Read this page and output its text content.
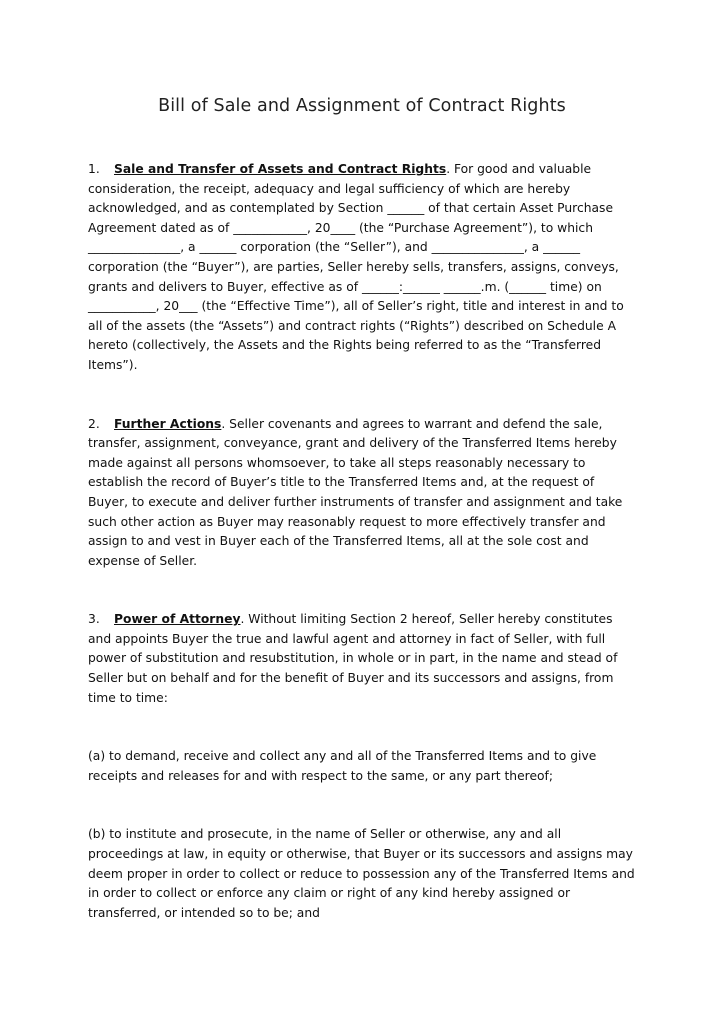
Bill of Sale and Assignment of Contract Rights

1. Sale and Transfer of Assets and Contract Rights. For good and valuable consideration, the receipt, adequacy and legal sufficiency of which are hereby acknowledged, and as contemplated by Section ______ of that certain Asset Purchase Agreement dated as of ____________, 20____ (the “Purchase Agreement”), to which _______________, a ______ corporation (the “Seller”), and _______________, a ______ corporation (the “Buyer”), are parties, Seller hereby sells, transfers, assigns, conveys, grants and delivers to Buyer, effective as of ______:______ ______.m. (______ time) on ___________, 20___ (the “Effective Time”), all of Seller’s right, title and interest in and to all of the assets (the “Assets”) and contract rights (“Rights”) described on Schedule A hereto (collectively, the Assets and the Rights being referred to as the “Transferred Items”).

2. Further Actions. Seller covenants and agrees to warrant and defend the sale, transfer, assignment, conveyance, grant and delivery of the Transferred Items hereby made against all persons whomsoever, to take all steps reasonably necessary to establish the record of Buyer’s title to the Transferred Items and, at the request of Buyer, to execute and deliver further instruments of transfer and assignment and take such other action as Buyer may reasonably request to more effectively transfer and assign to and vest in Buyer each of the Transferred Items, all at the sole cost and expense of Seller.

3. Power of Attorney. Without limiting Section 2 hereof, Seller hereby constitutes and appoints Buyer the true and lawful agent and attorney in fact of Seller, with full power of substitution and resubstitution, in whole or in part, in the name and stead of Seller but on behalf and for the benefit of Buyer and its successors and assigns, from time to time:

(a) to demand, receive and collect any and all of the Transferred Items and to give receipts and releases for and with respect to the same, or any part thereof;

(b) to institute and prosecute, in the name of Seller or otherwise, any and all proceedings at law, in equity or otherwise, that Buyer or its successors and assigns may deem proper in order to collect or reduce to possession any of the Transferred Items and in order to collect or enforce any claim or right of any kind hereby assigned or transferred, or intended so to be; and
